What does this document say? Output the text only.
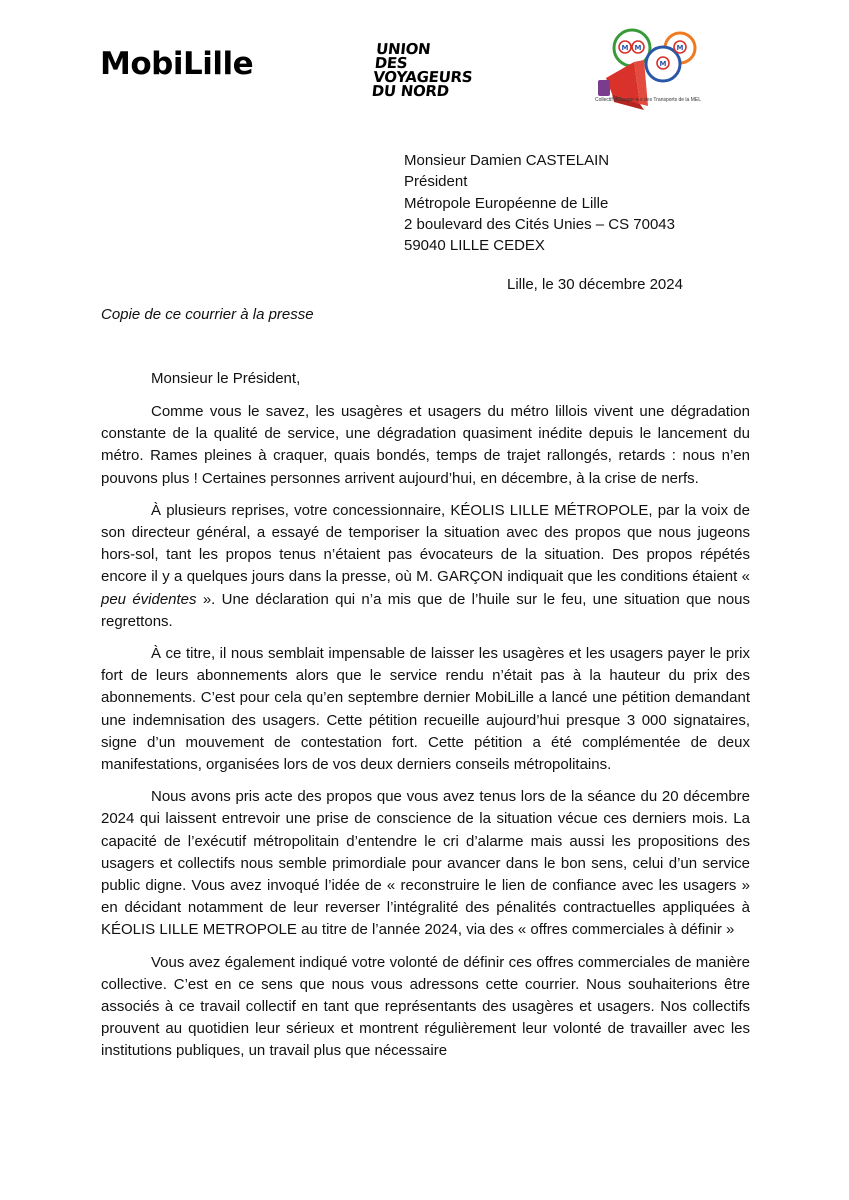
MobiLille	UNION
DES VOYAGEURS
DU NORD
M M	M
M
Collectif d'Usager·e·s des Transports de la MEL
Monsieur Damien CASTELAIN
Président
Métropole Européenne de Lille
2 boulevard des Cités Unies – CS 70043
59040 LILLE CEDEX
Lille, le 30 décembre 2024
Copie de ce courrier à la presse
Monsieur le Président,

Comme vous le savez, les usagères et usagers du métro lillois vivent une dégradation constante de la qualité de service, une dégradation quasiment inédite depuis le lancement du métro. Rames pleines à craquer, quais bondés, temps de trajet rallongés, retards : nous n’en pouvons plus ! Certaines personnes arrivent aujourd’hui, en décembre, à la crise de nerfs.

À plusieurs reprises, votre concessionnaire, KÉOLIS LILLE MÉTROPOLE, par la voix de son directeur général, a essayé de temporiser la situation avec des propos que nous jugeons hors-sol, tant les propos tenus n’étaient pas évocateurs de la situation. Des propos répétés encore il y a quelques jours dans la presse, où M. GARÇON indiquait que les conditions étaient « peu évidentes ». Une déclaration qui n’a mis que de l’huile sur le feu, une situation que nous regrettons.

À ce titre, il nous semblait impensable de laisser les usagères et les usagers payer le prix fort de leurs abonnements alors que le service rendu n’était pas à la hauteur du prix des abonnements. C’est pour cela qu’en septembre dernier MobiLille a lancé une pétition demandant une indemnisation des usagers. Cette pétition recueille aujourd’hui presque 3 000 signataires, signe d’un mouvement de contestation fort. Cette pétition a été complémentée de deux manifestations, organisées lors de vos deux derniers conseils métropolitains.

Nous avons pris acte des propos que vous avez tenus lors de la séance du 20 décembre 2024 qui laissent entrevoir une prise de conscience de la situation vécue ces derniers mois. La capacité de l’exécutif métropolitain d’entendre le cri d’alarme mais aussi les propositions des usagers et collectifs nous semble primordiale pour avancer dans le bon sens, celui d’un service public digne. Vous avez invoqué l’idée de « reconstruire le lien de confiance avec les usagers » en décidant notamment de leur reverser l’intégralité des pénalités contractuelles appliquées à KÉOLIS LILLE METROPOLE au titre de l’année 2024, via des « offres commerciales à définir »

Vous avez également indiqué votre volonté de définir ces offres commerciales de manière collective. C’est en ce sens que nous vous adressons cette courrier. Nous souhaiterions être associés à ce travail collectif en tant que représentants des usagères et usagers. Nos collectifs prouvent au quotidien leur sérieux et montrent régulièrement leur volonté de travailler avec les institutions publiques, un travail plus que nécessaire
